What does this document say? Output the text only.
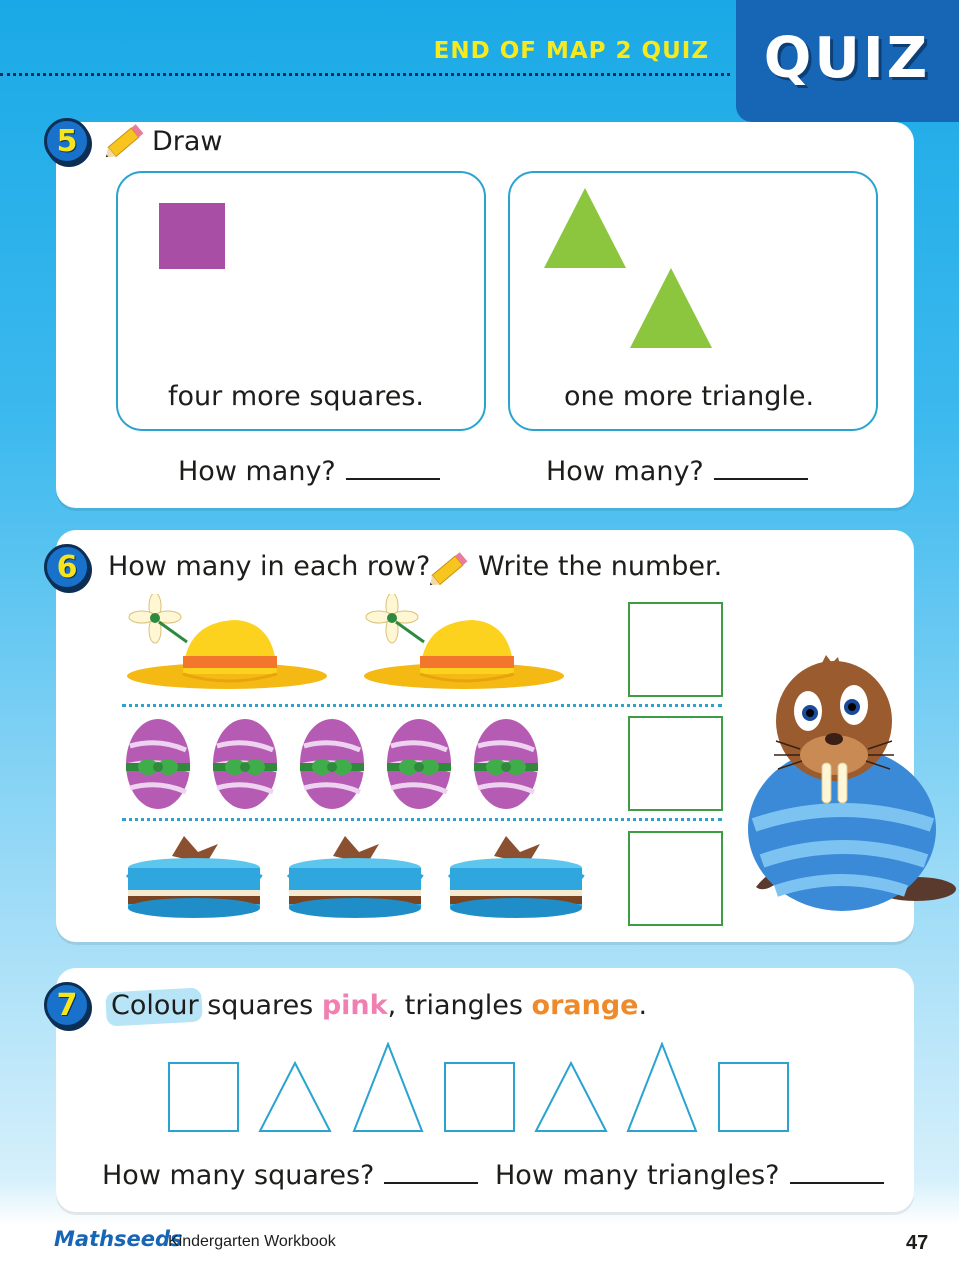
END OF MAP 2 QUIZ QUIZ
5	Draw
four more squares.	one more triangle.
How many?	How many?
6 How many in each row? Write the number.
7 Colour squares pink, triangles orange.
How many squares?	How many triangles?
Mathseeds
Kindergarten Workbook	47
